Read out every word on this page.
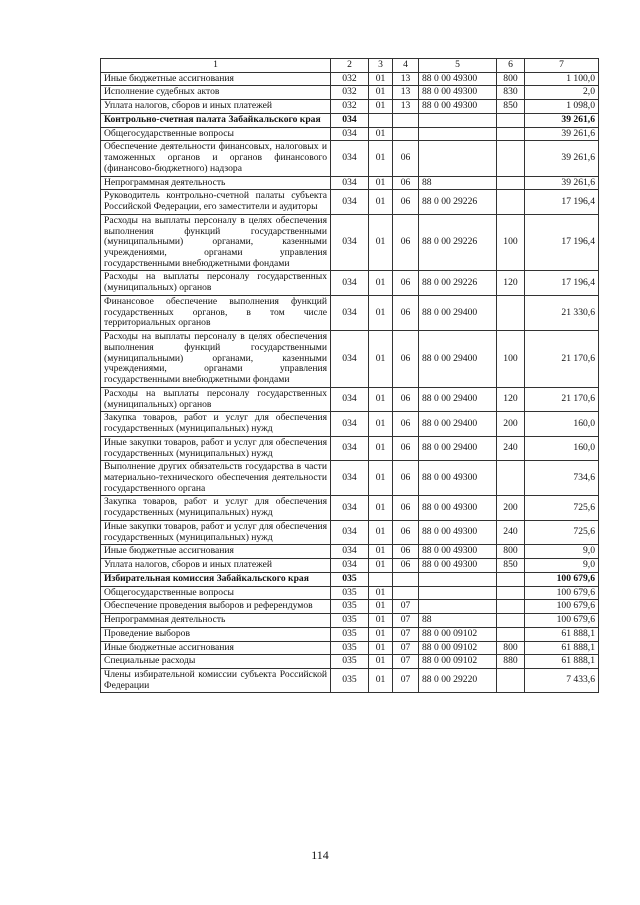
1	2	3	4	5	6	7
Иные бюджетные ассигнования	032	01	13	88 0 00 49300	800	1 100,0
Исполнение судебных актов	032	01	13	88 0 00 49300	830	2,0
Уплата налогов, сборов и иных платежей	032	01	13	88 0 00 49300	850	1 098,0
Контрольно-счетная палата Забайкальского края	034					39 261,6
Общегосударственные вопросы	034	01				39 261,6
Обеспечение деятельности финансовых, налоговых и таможенных органов и органов финансового (финансово-бюджетного) надзора	034	01	06			39 261,6
Непрограммная деятельность	034	01	06	88		39 261,6
Руководитель контрольно-счетной палаты субъекта Российской Федерации, его заместители и аудиторы	034	01	06	88 0 00 29226		17 196,4
Расходы на выплаты персоналу в целях обеспечения выполнения функций государственными (муниципальными) органами, казенными учреждениями, органами управления государственными внебюджетными фондами	034	01	06	88 0 00 29226	100	17 196,4
Расходы на выплаты персоналу государственных (муниципальных) органов	034	01	06	88 0 00 29226	120	17 196,4
Финансовое обеспечение выполнения функций государственных органов, в том числе территориальных органов	034	01	06	88 0 00 29400		21 330,6
Расходы на выплаты персоналу в целях обеспечения выполнения функций государственными (муниципальными) органами, казенными учреждениями, органами управления государственными внебюджетными фондами	034	01	06	88 0 00 29400	100	21 170,6
Расходы на выплаты персоналу государственных (муниципальных) органов	034	01	06	88 0 00 29400	120	21 170,6
Закупка товаров, работ и услуг для обеспечения государственных (муниципальных) нужд	034	01	06	88 0 00 29400	200	160,0
Иные закупки товаров, работ и услуг для обеспечения государственных (муниципальных) нужд	034	01	06	88 0 00 29400	240	160,0
Выполнение других обязательств государства в части материально-технического обеспечения деятельности государственного органа	034	01	06	88 0 00 49300		734,6
Закупка товаров, работ и услуг для обеспечения государственных (муниципальных) нужд	034	01	06	88 0 00 49300	200	725,6
Иные закупки товаров, работ и услуг для обеспечения государственных (муниципальных) нужд	034	01	06	88 0 00 49300	240	725,6
Иные бюджетные ассигнования	034	01	06	88 0 00 49300	800	9,0
Уплата налогов, сборов и иных платежей	034	01	06	88 0 00 49300	850	9,0
Избирательная комиссия Забайкальского края	035					100 679,6
Общегосударственные вопросы	035	01				100 679,6
Обеспечение проведения выборов и референдумов	035	01	07			100 679,6
Непрограммная деятельность	035	01	07	88		100 679,6
Проведение выборов	035	01	07	88 0 00 09102		61 888,1
Иные бюджетные ассигнования	035	01	07	88 0 00 09102	800	61 888,1
Специальные расходы	035	01	07	88 0 00 09102	880	61 888,1
Члены избирательной комиссии субъекта Российской Федерации	035	01	07	88 0 00 29220		7 433,6
114
